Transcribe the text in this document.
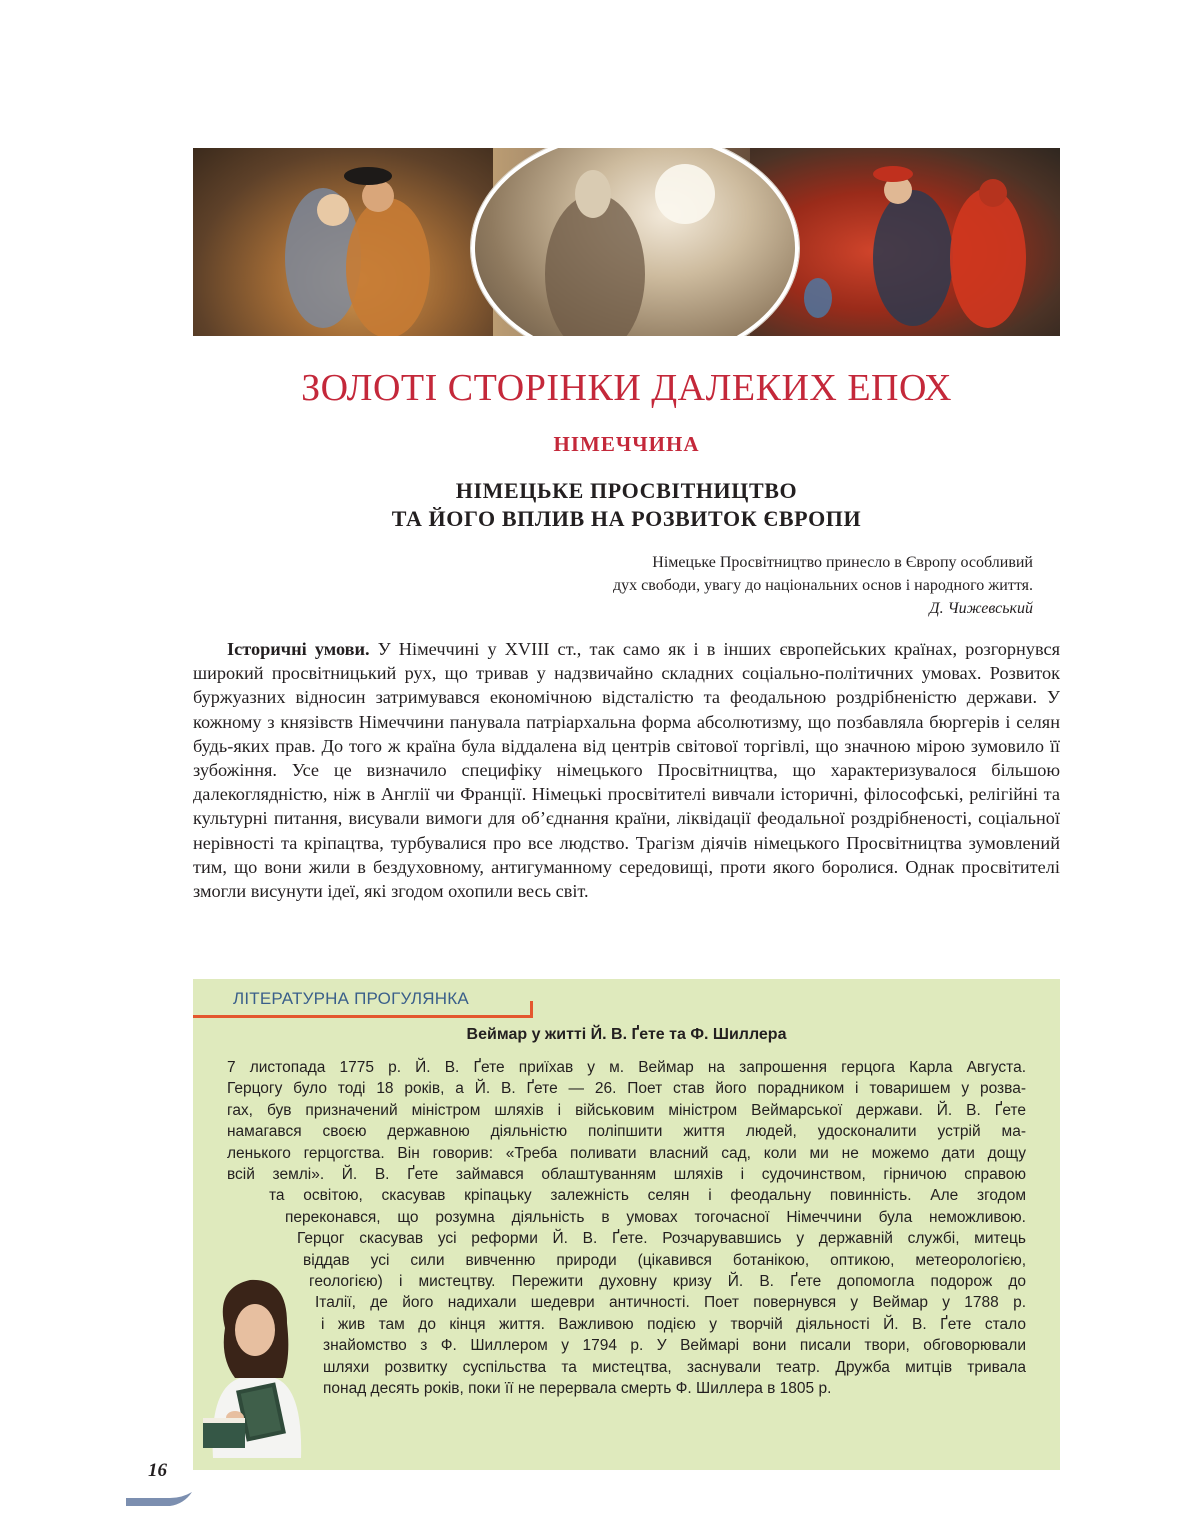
ЗОЛОТІ СТОРІНКИ ДАЛЕКИХ ЕПОХ
НІМЕЧЧИНА
НІМЕЦЬКЕ ПРОСВІТНИЦТВО
ТА ЙОГО ВПЛИВ НА РОЗВИТОК ЄВРОПИ
Німецьке Просвітництво принесло в Європу особливий
дух свободи, увагу до національних основ і народного життя.
Д. Чижевський

Історичні умови. У Німеччині у XVIII ст., так само як і в інших європейських країнах, розгорнувся широкий просвітницький рух, що тривав у надзвичайно складних соціально-політичних умовах. Розвиток буржуазних відносин затримувався економічною відсталістю та феодальною роздрібненістю держави. У кожному з князівств Німеччини панувала патріархальна форма абсолютизму, що позбавляла бюргерів і селян будь-яких прав. До того ж країна була віддалена від центрів світової торгівлі, що значною мірою зумовило її зубожіння. Усе це визначило специфіку німецького Просвітництва, що характеризувалося більшою далекоглядністю, ніж в Англії чи Франції. Німецькі просвітителі вивчали історичні, філософські, релігійні та культурні питання, висували вимоги для об’єднання країни, ліквідації феодальної роздрібненості, соціальної нерівності та кріпацтва, турбувалися про все людство. Трагізм діячів німецького Просвітництва зумовлений тим, що вони жили в бездуховному, антигуманному середовищі, проти якого боролися. Однак просвітителі змогли висунути ідеї, які згодом охопили весь світ.

ЛІТЕРАТУРНА ПРОГУЛЯНКА
Веймар у житті Й. В. Ґете та Ф. Шиллера
7 листопада 1775 р. Й. В. Ґете приїхав у м. Веймар на запрошення герцога Карла Августа.
Герцогу було тоді 18 років, а Й. В. Ґете — 26. Поет став його порадником і товаришем у розва-
гах, був призначений міністром шляхів і військовим міністром Веймарської держави. Й. В. Ґете
намагався своєю державною діяльністю поліпшити життя людей, удосконалити устрій ма-
ленького герцогства. Він говорив: «Треба поливати власний сад, коли ми не можемо дати дощу
всій землі». Й. В. Ґете займався облаштуванням шляхів і судочинством, гірничою справою
та освітою, скасував кріпацьку залежність селян і феодальну повинність. Але згодом
переконався, що розумна діяльність в умовах тогочасної Німеччини була неможливою.
Герцог скасував усі реформи Й. В. Ґете. Розчарувавшись у державній службі, митець
віддав усі сили вивченню природи (цікавився ботанікою, оптикою, метеорологією,
геологією) і мистецтву. Пережити духовну кризу Й. В. Ґете допомогла подорож до
Італії, де його надихали шедеври античності. Поет повернувся у Веймар у 1788 р.
і жив там до кінця життя. Важливою подією у творчій діяльності Й. В. Ґете стало
знайомство з Ф. Шиллером у 1794 р. У Веймарі вони писали твори, обговорювали
шляхи розвитку суспільства та мистецтва, заснували театр. Дружба митців тривала
понад десять років, поки її не перервала смерть Ф. Шиллера в 1805 р.
16
